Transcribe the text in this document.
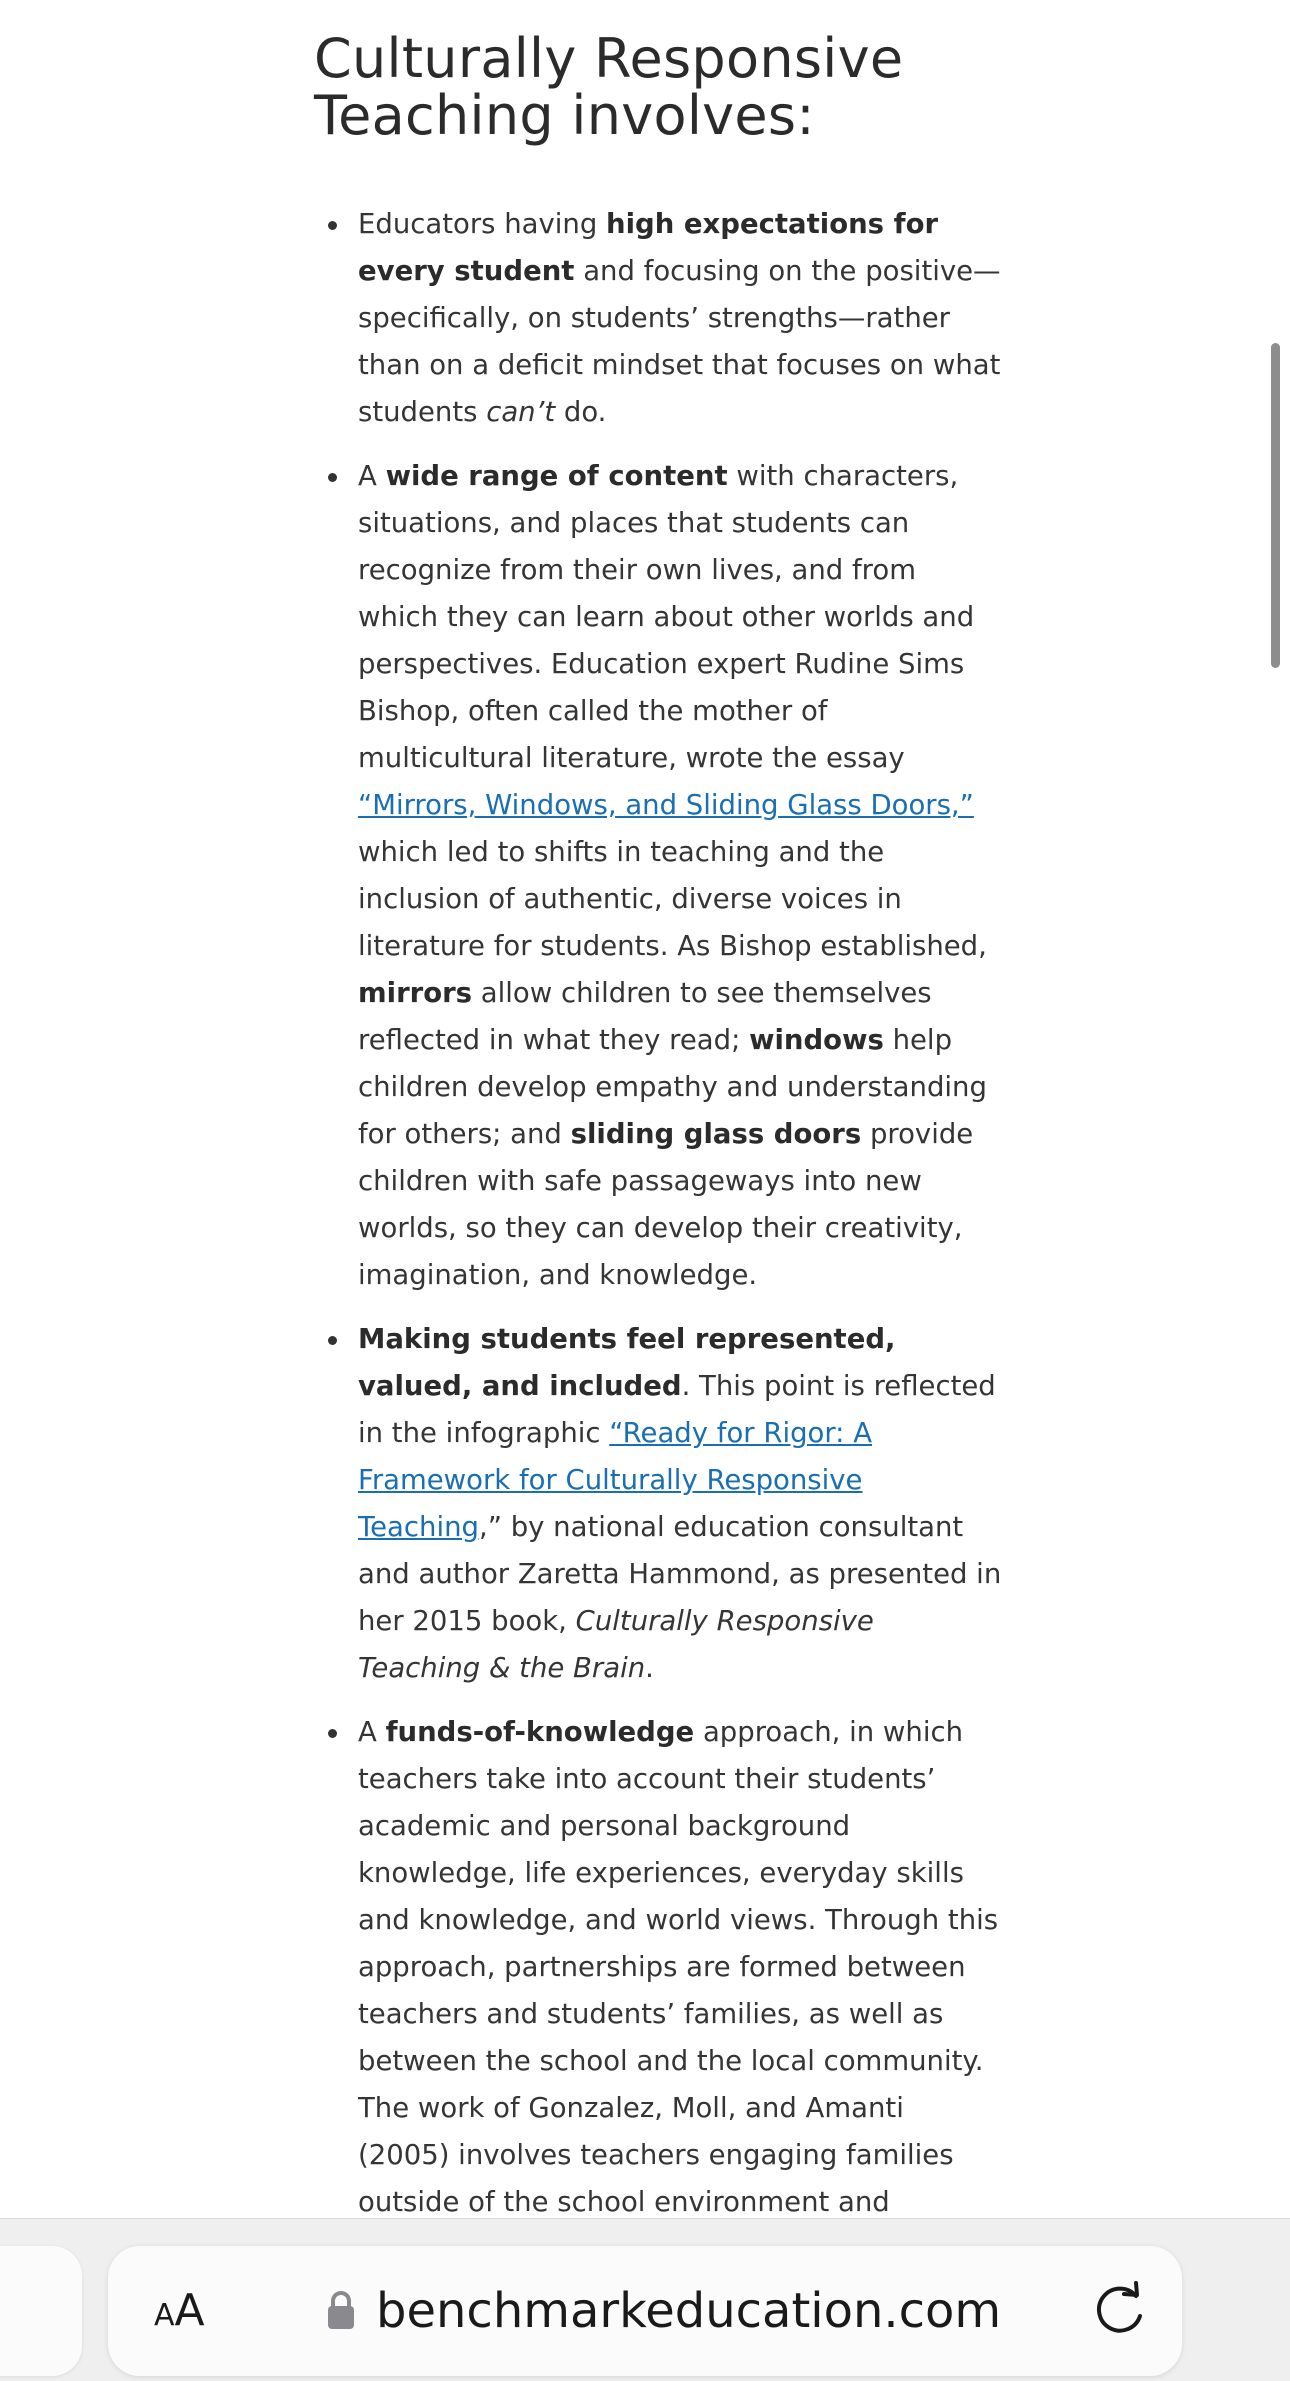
Culturally Responsive
Teaching involves:
Educators having high expectations for every student and focusing on the positive—specifically, on students’ strengths—rather than on a deficit mindset that focuses on what students can’t do.
A wide range of content with characters, situations, and places that students can recognize from their own lives, and from which they can learn about other worlds and perspectives. Education expert Rudine Sims Bishop, often called the mother of multicultural literature, wrote the essay “Mirrors, Windows, and Sliding Glass Doors,” which led to shifts in teaching and the inclusion of authentic, diverse voices in literature for students. As Bishop established, mirrors allow children to see themselves reflected in what they read; windows help children develop empathy and understanding for others; and sliding glass doors provide children with safe passageways into new worlds, so they can develop their creativity, imagination, and knowledge.
Making students feel represented, valued, and included. This point is reflected in the infographic “Ready for Rigor: A Framework for Culturally Responsive Teaching,” by national education consultant and author Zaretta Hammond, as presented in her 2015 book, Culturally Responsive Teaching & the Brain.
A funds-of-knowledge approach, in which teachers take into account their students’ academic and personal background knowledge, life experiences, everyday skills and knowledge, and world views. Through this approach, partnerships are formed between teachers and students’ families, as well as between the school and the local community. The work of Gonzalez, Moll, and Amanti (2005) involves teachers engaging families outside of the school environment and
AA	benchmarkeducation.com
